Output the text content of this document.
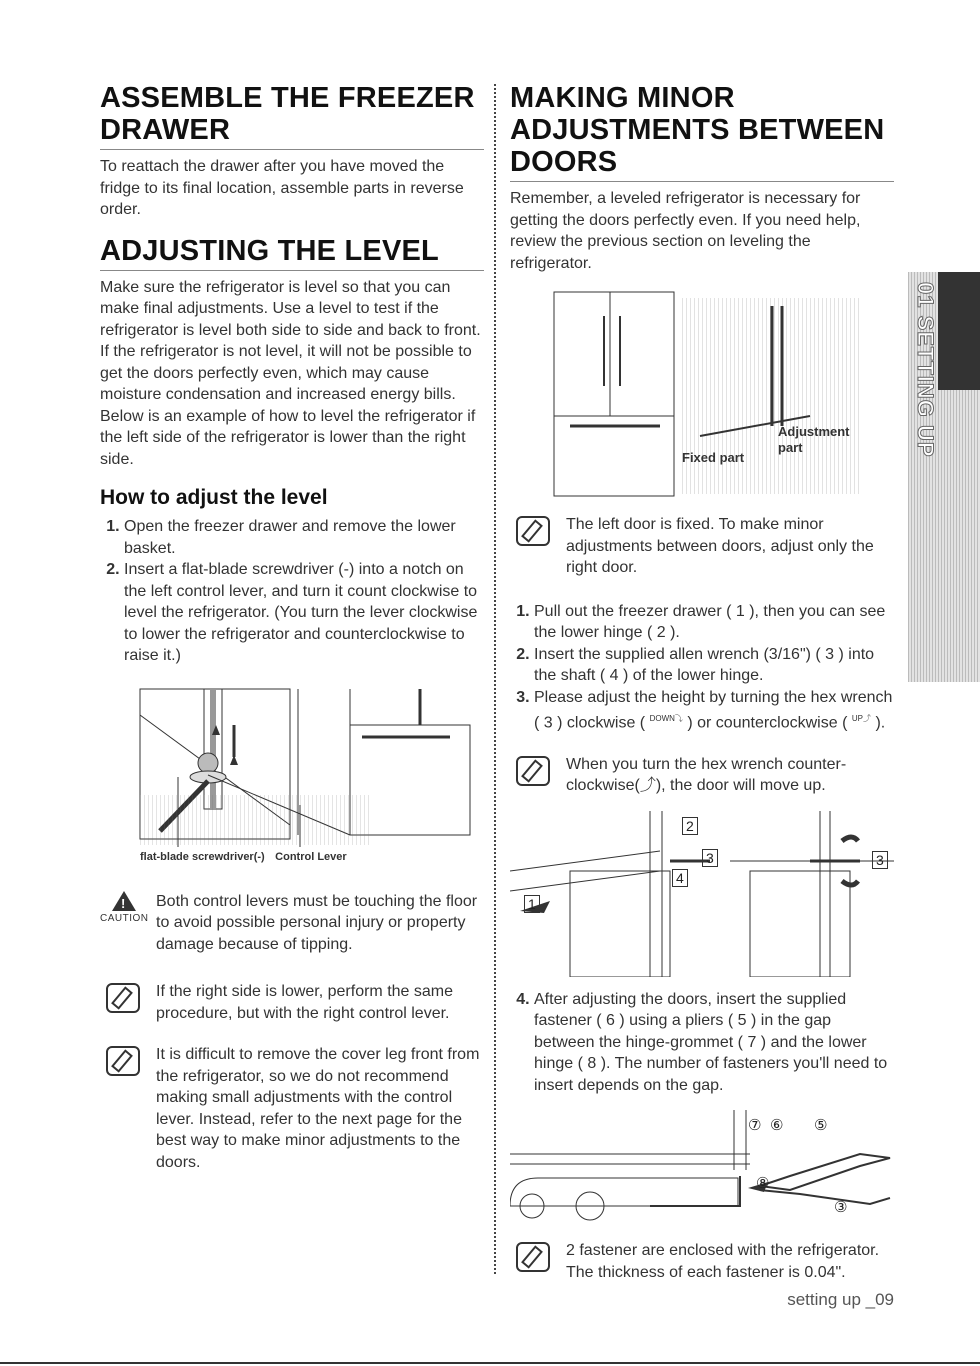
ASSEMBLE THE FREEZER DRAWER

To reattach the drawer after you have moved the fridge to its final location, assemble parts in reverse order.

ADJUSTING THE LEVEL

Make sure the refrigerator is level so that you can make final adjustments. Use a level to test if the refrigerator is level both side to side and back to front. If the refrigerator is not level, it will not be possible to get the doors perfectly even, which may cause moisture condensation and increased energy bills. Below is an example of how to level the refrigerator if the left side of the refrigerator is lower than the right side.

How to adjust the level
1. Open the freezer drawer and remove the lower basket.
2. Insert a flat-blade screwdriver (-) into a notch on the left control lever, and turn it count clockwise to level the refrigerator. (You turn the lever clockwise to lower the refrigerator and counterclockwise to raise it.)
flat-blade screwdriver(-) Control Lever
!
CAUTION

Both control levers must be touching the floor to avoid possible personal injury or property damage because of tipping.

If the right side is lower, perform the same procedure, but with the right control lever.

It is difficult to remove the cover leg front from the refrigerator, so we do not recommend making small adjustments with the control lever. Instead, refer to the next page for the best way to make minor adjustments to the doors.

MAKING MINOR ADJUSTMENTS BETWEEN DOORS

Remember, a leveled refrigerator is necessary for getting the doors perfectly even. If you need help, review the previous section on leveling the refrigerator.

Adjustment part
Fixed part

The left door is fixed. To make minor adjustments between doors, adjust only the right door.

1. Pull out the freezer drawer ( 1 ), then you can see the lower hinge ( 2 ).
2. Insert the supplied allen wrench (3/16") ( 3 ) into the shaft ( 4 ) of the lower hinge.
3. Please adjust the height by turning the hex wrench ( 3 ) clockwise ( $^{DOWN⤵}$ ) or counterclockwise ( $^{UP⤴}$ ).

When you turn the hex wrench counter-clockwise(⤴), the door will move up.

2
3
4
1
3
4. After adjusting the doors, insert the supplied fastener ( 6 ) using a pliers ( 5 ) in the gap between the hinge-grommet ( 7 ) and the lower hinge ( 8 ). The number of fasteners you'll need to insert depends on the gap.
⑦ ⑥ ⑤
⑧
③

2 fastener are enclosed with the refrigerator. The thickness of each fastener is 0.04".

01 SETTING UP
setting up _09
